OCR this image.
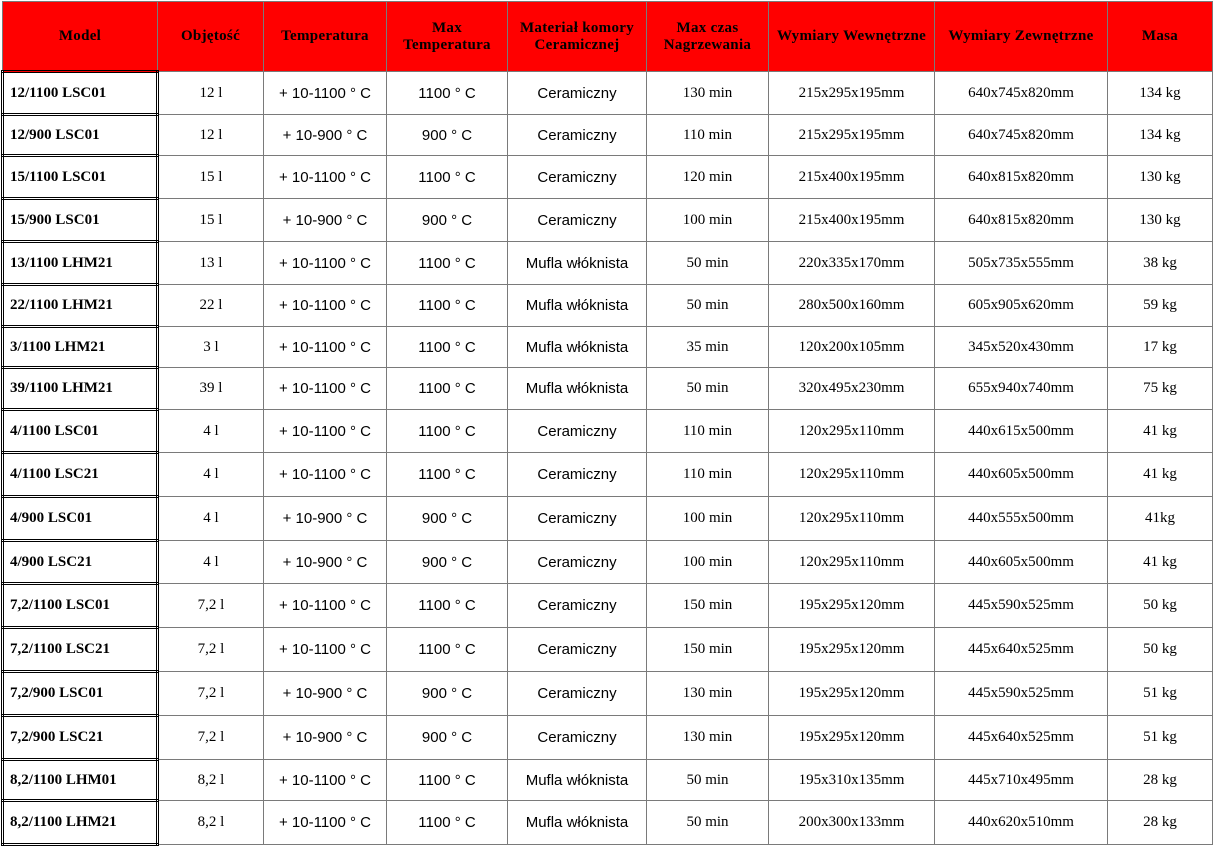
Model	Objętość	Temperatura	Max Temperatura	Materiał komory Ceramicznej	Max czas Nagrzewania	Wymiary Wewnętrzne	Wymiary Zewnętrzne	Masa
12/1100 LSC01	12 l	+ 10-1100 ° C	1100 ° C	Ceramiczny	130 min	215x295x195mm	640x745x820mm	134 kg
12/900 LSC01	12 l	+ 10-900 ° C	900 ° C	Ceramiczny	110 min	215x295x195mm	640x745x820mm	134 kg
15/1100 LSC01	15 l	+ 10-1100 ° C	1100 ° C	Ceramiczny	120 min	215x400x195mm	640x815x820mm	130 kg
15/900 LSC01	15 l	+ 10-900 ° C	900 ° C	Ceramiczny	100 min	215x400x195mm	640x815x820mm	130 kg
13/1100 LHM21	13 l	+ 10-1100 ° C	1100 ° C	Mufla włóknista	50 min	220x335x170mm	505x735x555mm	38 kg
22/1100 LHM21	22 l	+ 10-1100 ° C	1100 ° C	Mufla włóknista	50 min	280x500x160mm	605x905x620mm	59 kg
3/1100 LHM21	3 l	+ 10-1100 ° C	1100 ° C	Mufla włóknista	35 min	120x200x105mm	345x520x430mm	17 kg
39/1100 LHM21	39 l	+ 10-1100 ° C	1100 ° C	Mufla włóknista	50 min	320x495x230mm	655x940x740mm	75 kg
4/1100 LSC01	4 l	+ 10-1100 ° C	1100 ° C	Ceramiczny	110 min	120x295x110mm	440x615x500mm	41 kg
4/1100 LSC21	4 l	+ 10-1100 ° C	1100 ° C	Ceramiczny	110 min	120x295x110mm	440x605x500mm	41 kg
4/900 LSC01	4 l	+ 10-900 ° C	900 ° C	Ceramiczny	100 min	120x295x110mm	440x555x500mm	41kg
4/900 LSC21	4 l	+ 10-900 ° C	900 ° C	Ceramiczny	100 min	120x295x110mm	440x605x500mm	41 kg
7,2/1100 LSC01	7,2 l	+ 10-1100 ° C	1100 ° C	Ceramiczny	150 min	195x295x120mm	445x590x525mm	50 kg
7,2/1100 LSC21	7,2 l	+ 10-1100 ° C	1100 ° C	Ceramiczny	150 min	195x295x120mm	445x640x525mm	50 kg
7,2/900 LSC01	7,2 l	+ 10-900 ° C	900 ° C	Ceramiczny	130 min	195x295x120mm	445x590x525mm	51 kg
7,2/900 LSC21	7,2 l	+ 10-900 ° C	900 ° C	Ceramiczny	130 min	195x295x120mm	445x640x525mm	51 kg
8,2/1100 LHM01	8,2 l	+ 10-1100 ° C	1100 ° C	Mufla włóknista	50 min	195x310x135mm	445x710x495mm	28 kg
8,2/1100 LHM21	8,2 l	+ 10-1100 ° C	1100 ° C	Mufla włóknista	50 min	200x300x133mm	440x620x510mm	28 kg
